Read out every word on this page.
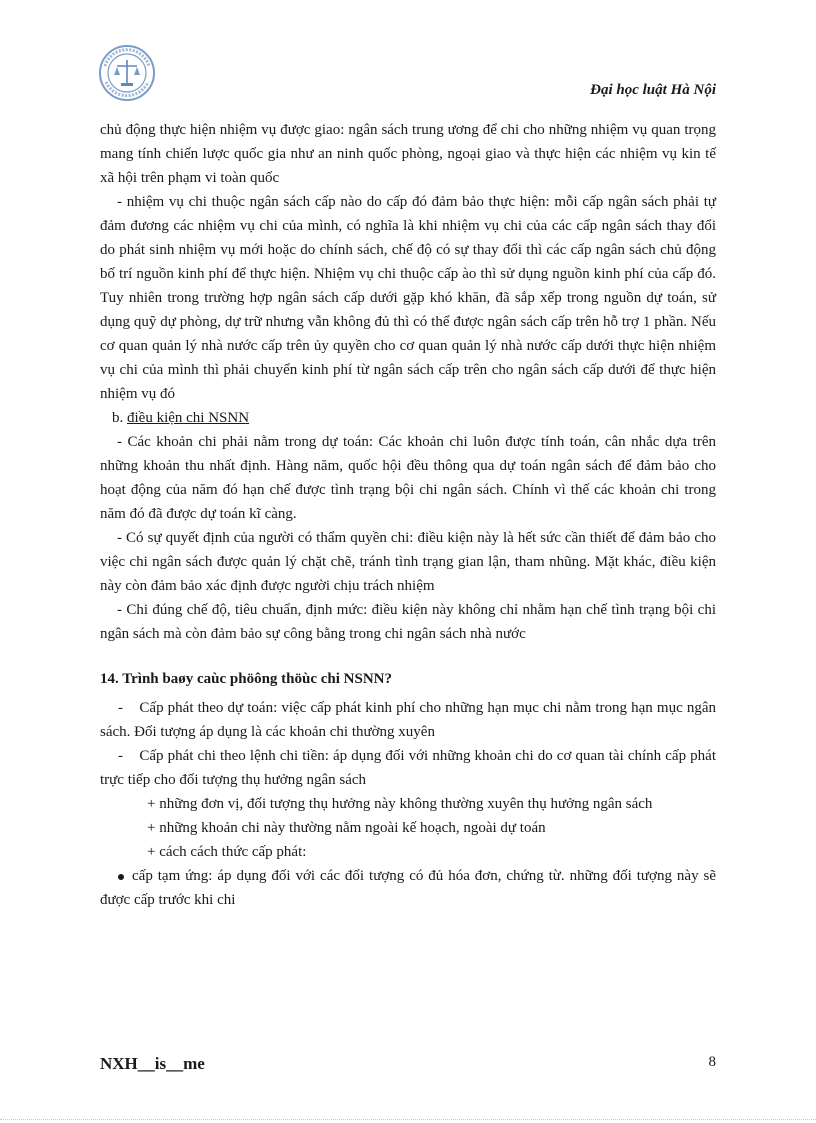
Đại học luật Hà Nội

chủ động thực hiện nhiệm vụ được giao: ngân sách trung ương để chi cho những nhiệm vụ quan trọng mang tính chiến lược quốc gia như an ninh quốc phòng, ngoại giao và thực hiện các nhiệm vụ kin tế xã hội trên phạm vi toàn quốc

- nhiệm vụ chi thuộc ngân sách cấp nào do cấp đó đảm bảo thực hiện: mỗi cấp ngân sách phải tự đảm đương các nhiệm vụ chi của mình, có nghĩa là khi nhiệm vụ chi của các cấp ngân sách thay đổi do phát sinh nhiệm vụ mới hoặc do chính sách, chế độ có sự thay đổi thì các cấp ngân sách chủ động bố trí nguồn kinh phí để thực hiện. Nhiệm vụ chi thuộc cấp ào thì sử dụng nguồn kinh phí của cấp đó. Tuy nhiên trong trường hợp ngân sách cấp dưới gặp khó khăn, đã sắp xếp trong nguồn dự toán, sử dụng quỹ dự phòng, dự trữ nhưng vẫn không đủ thì có thể được ngân sách cấp trên hỗ trợ 1 phần. Nếu cơ quan quản lý nhà nước cấp trên ủy quyền cho cơ quan quản lý nhà nước cấp dưới thực hiện nhiệm vụ chi của mình thì phải chuyển kinh phí từ ngân sách cấp trên cho ngân sách cấp dưới để thực hiện nhiệm vụ đó

b. điều kiện chi NSNN

- Các khoản chi phải nằm trong dự toán: Các khoản chi luôn được tính toán, cân nhắc dựa trên những khoản thu nhất định. Hàng năm, quốc hội đều thông qua dự toán ngân sách để đảm bảo cho hoạt động của năm đó hạn chế được tình trạng bội chi ngân sách. Chính vì thế các khoản chi trong năm đó đã được dự toán kĩ càng.

- Có sự quyết định của người có thẩm quyền chi: điều kiện này là hết sức cần thiết để đảm bảo cho việc chi ngân sách được quản lý chặt chẽ, tránh tình trạng gian lận, tham nhũng. Mặt khác, điều kiện này còn đảm bảo xác định được người chịu trách nhiệm

- Chi đúng chế độ, tiêu chuẩn, định mức: điều kiện này không chỉ nhằm hạn chế tình trạng bội chi ngân sách mà còn đảm bảo sự công bằng trong chi ngân sách nhà nước

14. Trình baøy caùc phöông thöùc chi NSNN?

-    Cấp phát theo dự toán: việc cấp phát kinh phí cho những hạn mục chi nằm trong hạn mục ngân sách. Đối tượng áp dụng là các khoản chi thường xuyên

-    Cấp phát chi theo lệnh chi tiền: áp dụng đối với những khoản chi do cơ quan tài chính cấp phát trực tiếp cho đối tượng thụ hưởng ngân sách

+ những đơn vị, đối tượng thụ hưởng này không thường xuyên thụ hưởng ngân sách

+ những khoản chi này thường nằm ngoài kế hoạch, ngoài dự toán

+ cách cách thức cấp phát:

cấp tạm ứng: áp dụng đối với các đối tượng có đủ hóa đơn, chứng từ. những đối tượng này sẽ được cấp trước khi chi

NXH__is__me	8
